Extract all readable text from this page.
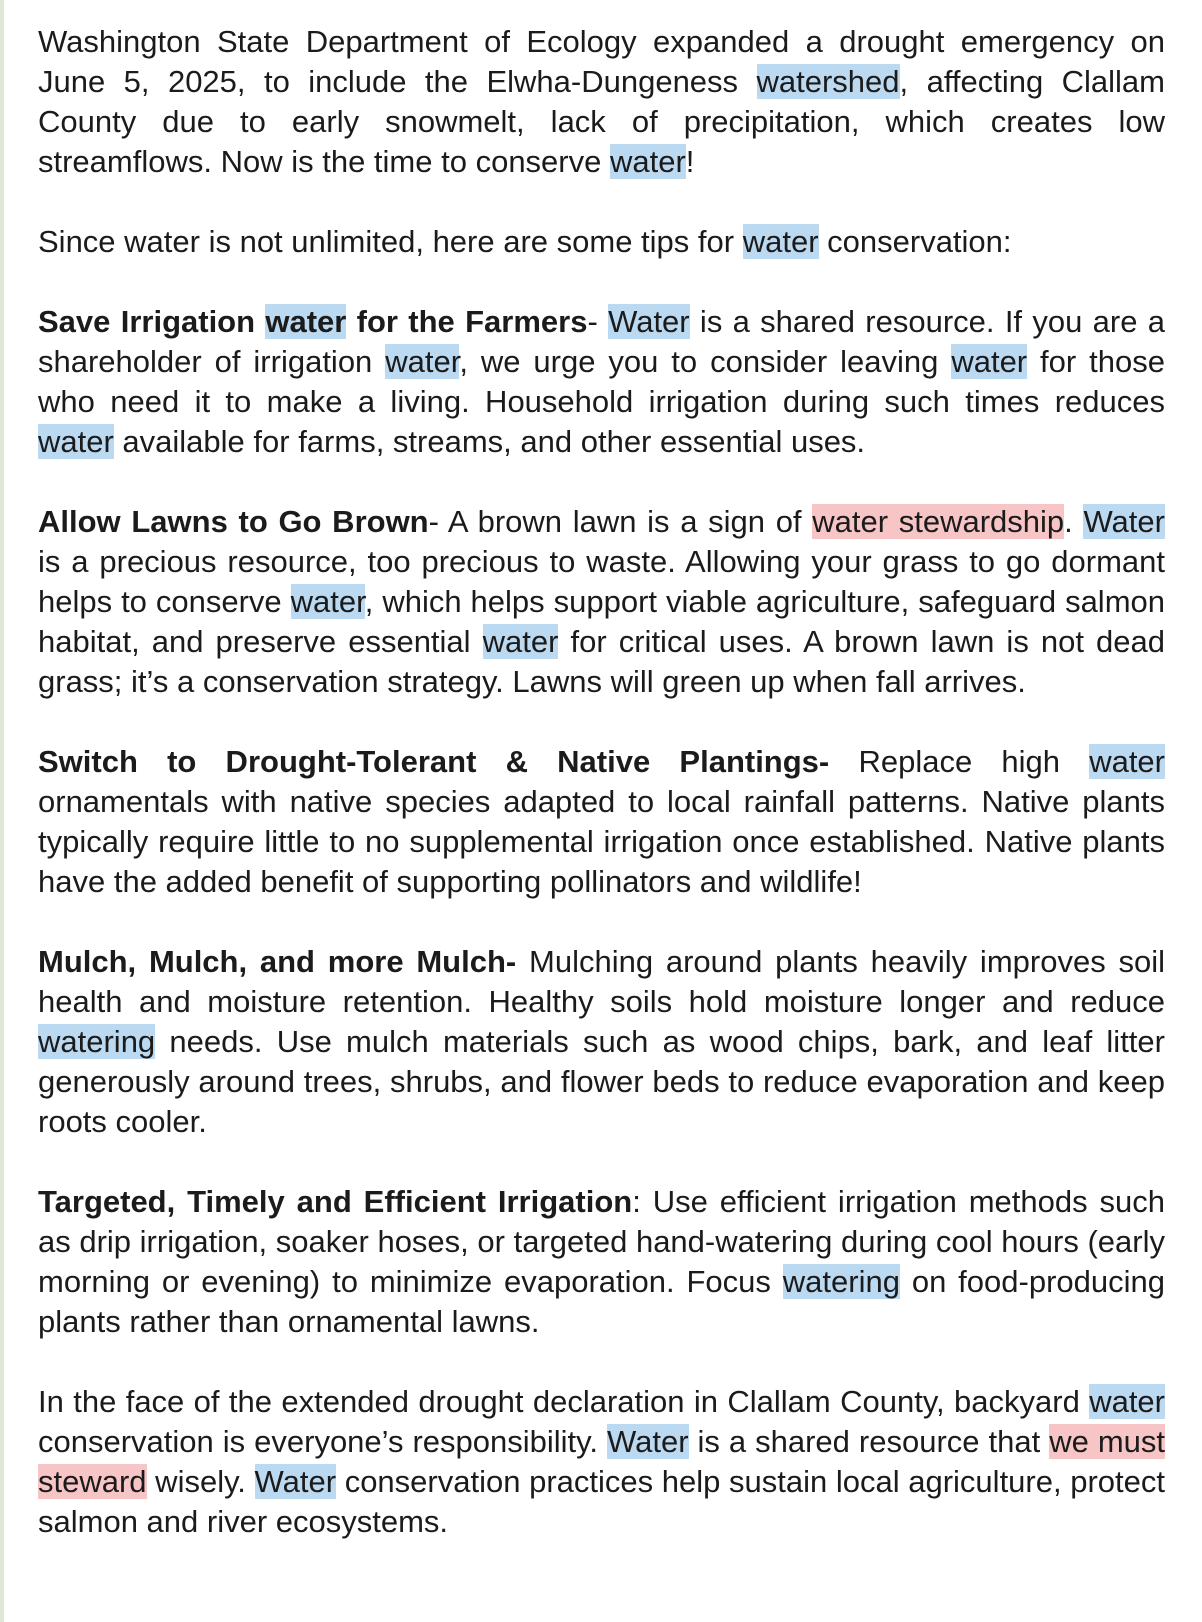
Washington State Department of Ecology expanded a drought emergency on June 5, 2025, to include the Elwha-Dungeness watershed, affecting Clallam County due to early snowmelt, lack of precipitation, which creates low streamflows. Now is the time to conserve water!

Since water is not unlimited, here are some tips for water conservation:

Save Irrigation water for the Farmers- Water is a shared resource. If you are a shareholder of irrigation water, we urge you to consider leaving water for those who need it to make a living. Household irrigation during such times reduces water available for farms, streams, and other essential uses.

Allow Lawns to Go Brown- A brown lawn is a sign of water stewardship. Water is a precious resource, too precious to waste. Allowing your grass to go dormant helps to conserve water, which helps support viable agriculture, safeguard salmon habitat, and preserve essential water for critical uses. A brown lawn is not dead grass; it’s a conservation strategy. Lawns will green up when fall arrives.

Switch to Drought-Tolerant & Native Plantings- Replace high water ornamentals with native species adapted to local rainfall patterns. Native plants typically require little to no supplemental irrigation once established. Native plants have the added benefit of supporting pollinators and wildlife!

Mulch, Mulch, and more Mulch- Mulching around plants heavily improves soil health and moisture retention. Healthy soils hold moisture longer and reduce watering needs. Use mulch materials such as wood chips, bark, and leaf litter generously around trees, shrubs, and flower beds to reduce evaporation and keep roots cooler.

Targeted, Timely and Efficient Irrigation: Use efficient irrigation methods such as drip irrigation, soaker hoses, or targeted hand-watering during cool hours (early morning or evening) to minimize evaporation. Focus watering on food-producing plants rather than ornamental lawns.

In the face of the extended drought declaration in Clallam County, backyard water conservation is everyone’s responsibility. Water is a shared resource that we must steward wisely. Water conservation practices help sustain local agriculture, protect salmon and river ecosystems.
